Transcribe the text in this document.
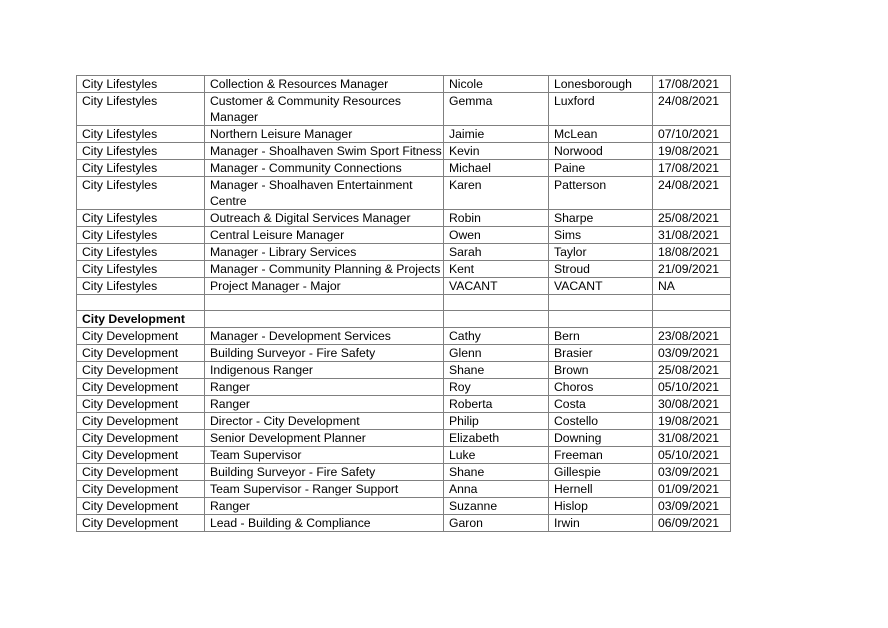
City Lifestyles	Collection & Resources Manager	Nicole	Lonesborough	17/08/2021
City Lifestyles	Customer & Community Resources Manager	Gemma	Luxford	24/08/2021
City Lifestyles	Northern Leisure Manager	Jaimie	McLean	07/10/2021
City Lifestyles	Manager - Shoalhaven Swim Sport Fitness	Kevin	Norwood	19/08/2021
City Lifestyles	Manager - Community Connections	Michael	Paine	17/08/2021
City Lifestyles	Manager - Shoalhaven Entertainment Centre	Karen	Patterson	24/08/2021
City Lifestyles	Outreach & Digital Services Manager	Robin	Sharpe	25/08/2021
City Lifestyles	Central Leisure Manager	Owen	Sims	31/08/2021
City Lifestyles	Manager - Library Services	Sarah	Taylor	18/08/2021
City Lifestyles	Manager - Community Planning & Projects	Kent	Stroud	21/09/2021
City Lifestyles	Project Manager - Major	VACANT	VACANT	NA

City Development				
City Development	Manager - Development Services	Cathy	Bern	23/08/2021
City Development	Building Surveyor - Fire Safety	Glenn	Brasier	03/09/2021
City Development	Indigenous Ranger	Shane	Brown	25/08/2021
City Development	Ranger	Roy	Choros	05/10/2021
City Development	Ranger	Roberta	Costa	30/08/2021
City Development	Director - City Development	Philip	Costello	19/08/2021
City Development	Senior Development Planner	Elizabeth	Downing	31/08/2021
City Development	Team Supervisor	Luke	Freeman	05/10/2021
City Development	Building Surveyor - Fire Safety	Shane	Gillespie	03/09/2021
City Development	Team Supervisor - Ranger Support	Anna	Hernell	01/09/2021
City Development	Ranger	Suzanne	Hislop	03/09/2021
City Development	Lead - Building & Compliance	Garon	Irwin	06/09/2021
